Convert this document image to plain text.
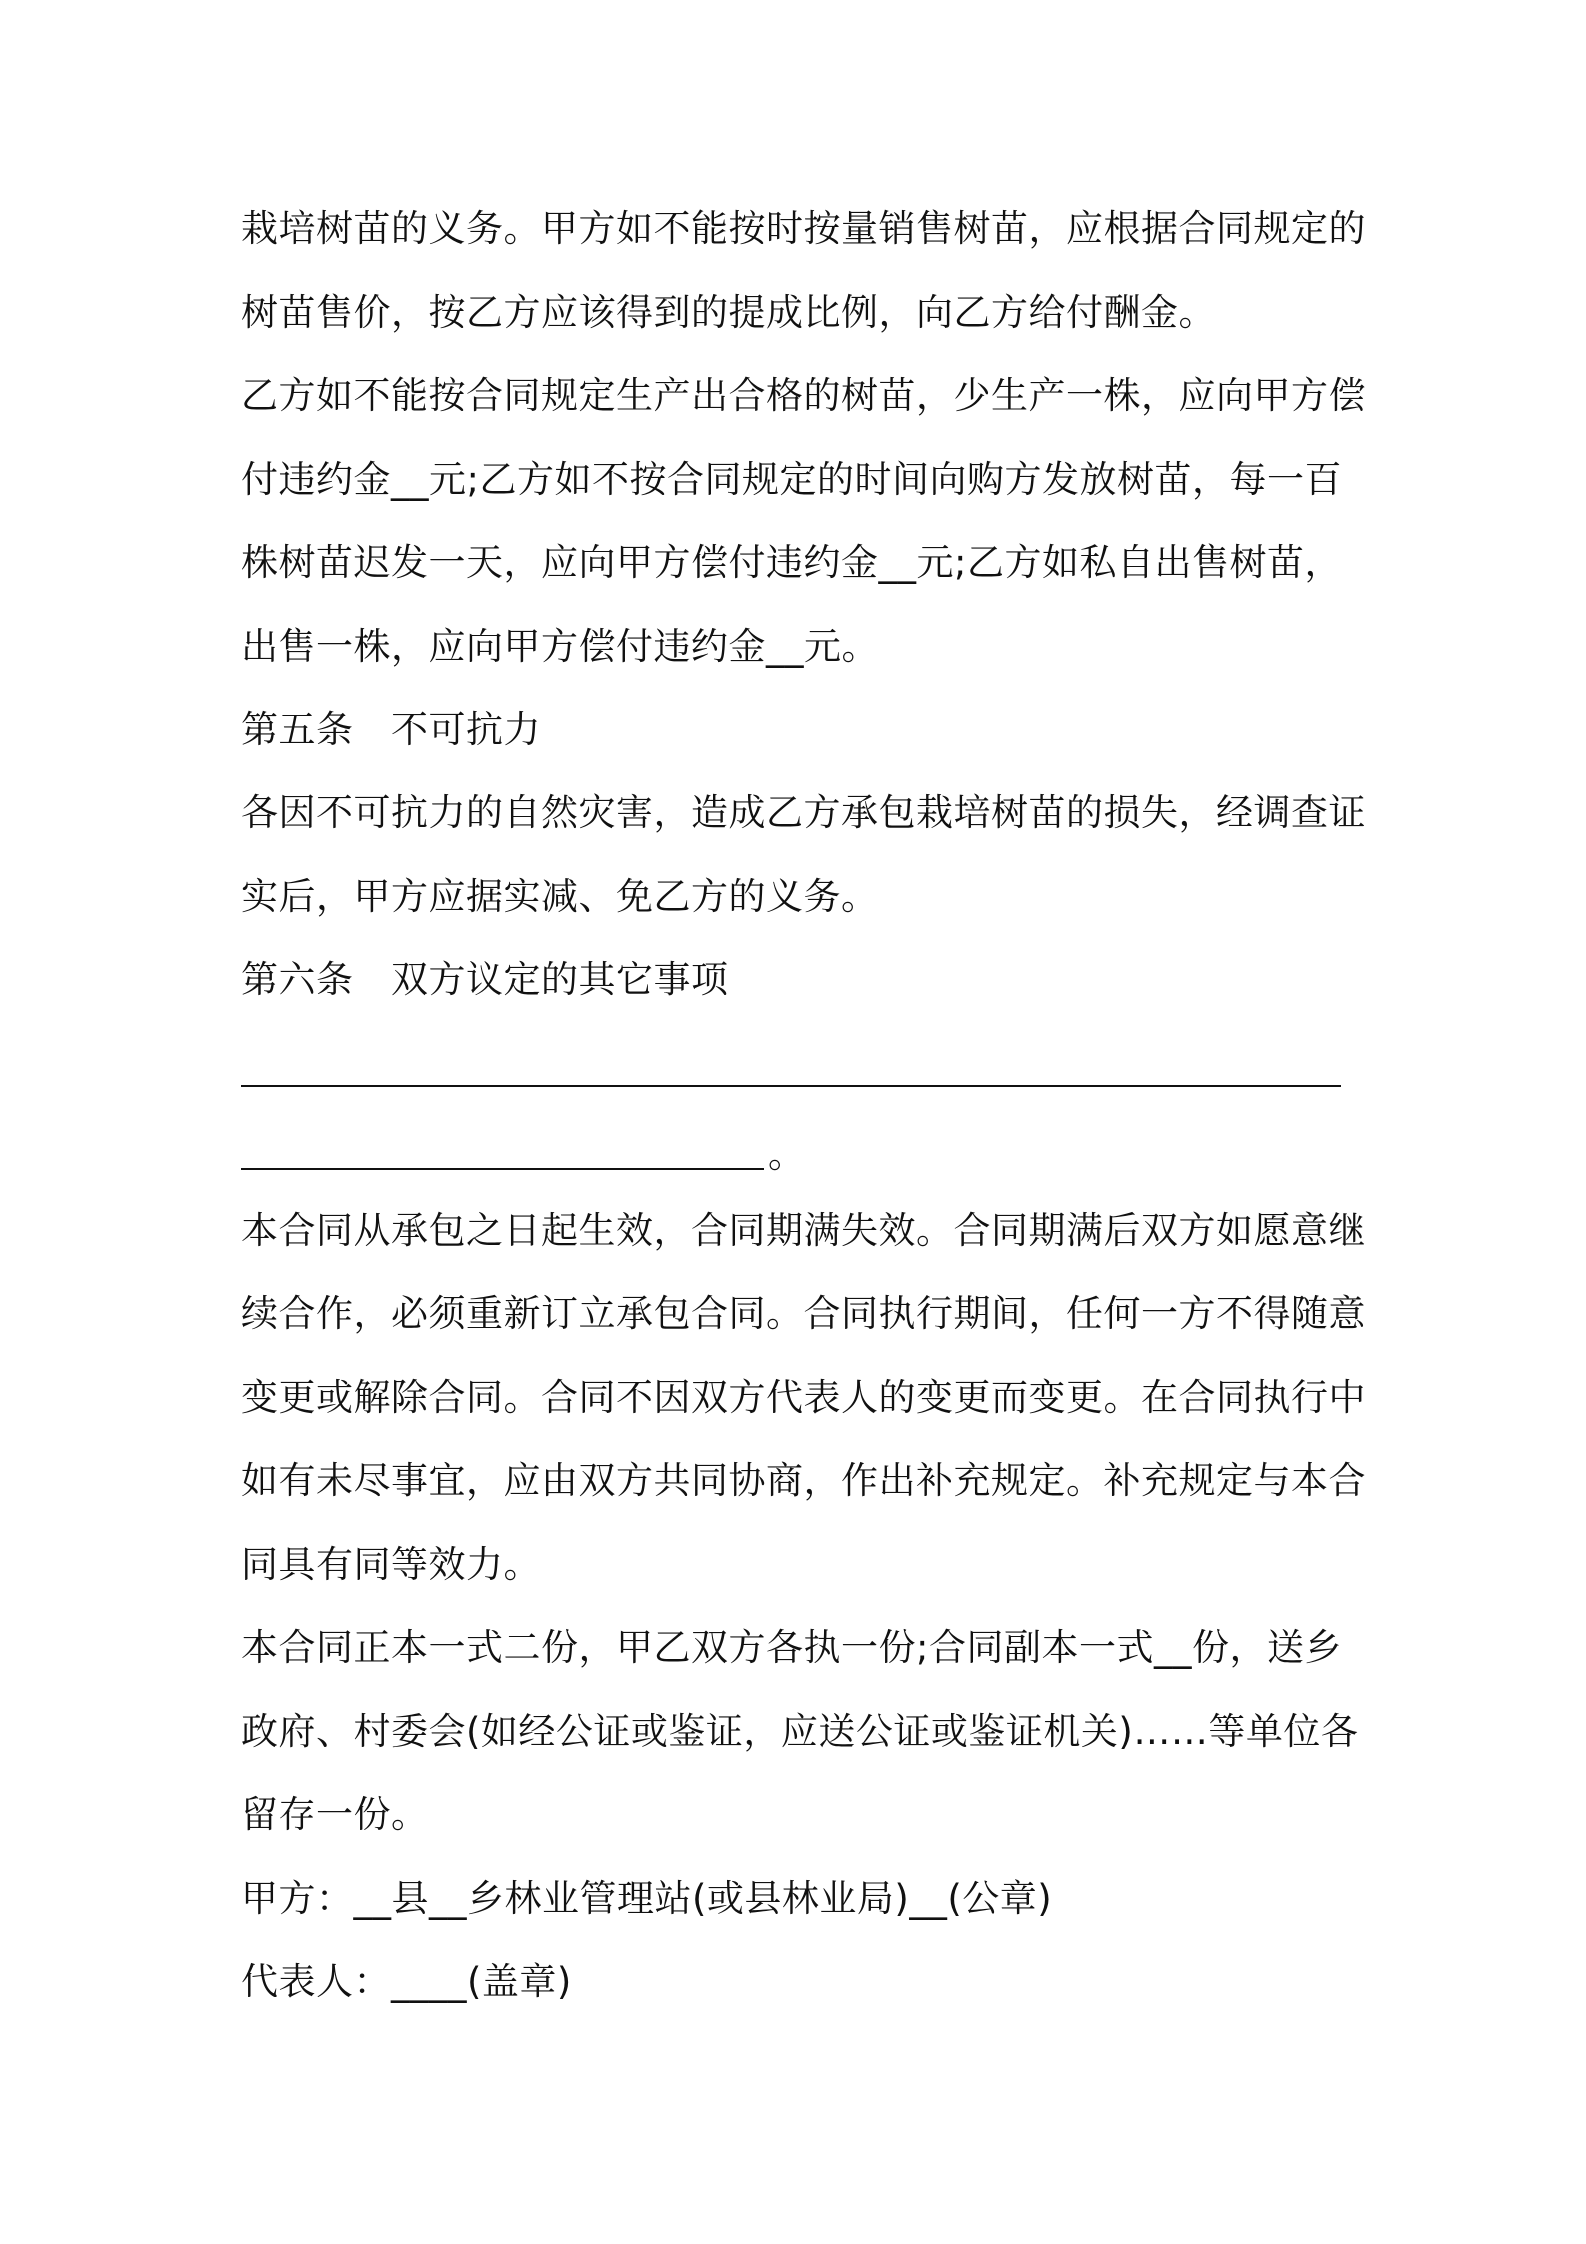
栽培树苗的义务。甲方如不能按时按量销售树苗，应根据合同规定的
树苗售价，按乙方应该得到的提成比例，向乙方给付酬金。
乙方如不能按合同规定生产出合格的树苗，少生产一株，应向甲方偿
付违约金__元;乙方如不按合同规定的时间向购方发放树苗，每一百
株树苗迟发一天，应向甲方偿付违约金__元;乙方如私自出售树苗，
出售一株，应向甲方偿付违约金__元。
第五条　不可抗力
各因不可抗力的自然灾害，造成乙方承包栽培树苗的损失，经调查证
实后，甲方应据实减、免乙方的义务。
第六条　双方议定的其它事项
。
本合同从承包之日起生效，合同期满失效。合同期满后双方如愿意继
续合作，必须重新订立承包合同。合同执行期间，任何一方不得随意
变更或解除合同。合同不因双方代表人的变更而变更。在合同执行中
如有未尽事宜，应由双方共同协商，作出补充规定。补充规定与本合
同具有同等效力。
本合同正本一式二份，甲乙双方各执一份;合同副本一式__份，送乡
政府、村委会(如经公证或鉴证，应送公证或鉴证机关)……等单位各
留存一份。
甲方：__县__乡林业管理站(或县林业局)__(公章)
代表人：____(盖章)
